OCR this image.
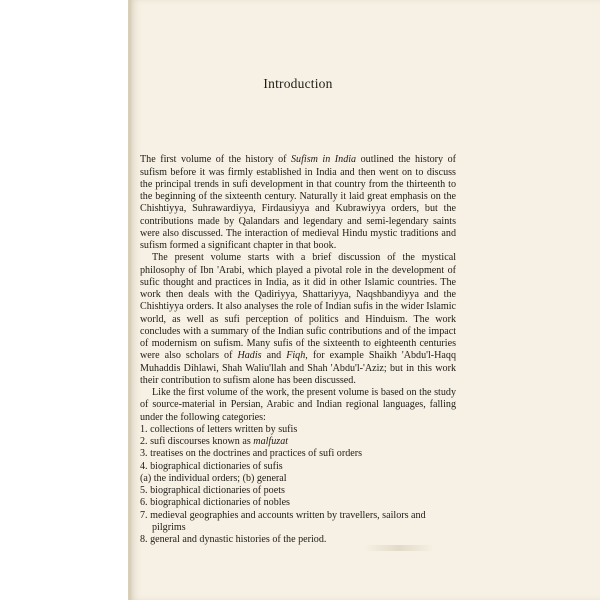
Introduction

The first volume of the history of Sufism in India outlined the history of sufism before it was firmly established in India and then went on to discuss the principal trends in sufi development in that country from the thirteenth to the beginning of the sixteenth century. Naturally it laid great emphasis on the Chishtiyya, Suhrawardiyya, Firdausiyya and Kubrawiyya orders, but the contributions made by Qalandars and legendary and semi-legendary saints were also discussed. The interaction of medieval Hindu mystic traditions and sufism formed a significant chapter in that book.

The present volume starts with a brief discussion of the mystical philosophy of Ibn 'Arabi, which played a pivotal role in the development of sufic thought and practices in India, as it did in other Islamic countries. The work then deals with the Qadiriyya, Shattariyya, Naqshbandiyya and the Chishtiyya orders. It also analyses the role of Indian sufis in the wider Islamic world, as well as sufi perception of politics and Hinduism. The work concludes with a summary of the Indian sufic contributions and of the impact of modernism on sufism. Many sufis of the sixteenth to eighteenth centuries were also scholars of Hadis and Fiqh, for example Shaikh 'Abdu'l-Haqq Muhaddis Dihlawi, Shah Waliu'llah and Shah 'Abdu'l-'Aziz; but in this work their contribution to sufism alone has been discussed.

Like the first volume of the work, the present volume is based on the study of source-material in Persian, Arabic and Indian regional languages, falling under the following categories:

1. collections of letters written by sufis
2. sufi discourses known as malfuzat
3. treatises on the doctrines and practices of sufi orders
4. biographical dictionaries of sufis
(a) the individual orders; (b) general
5. biographical dictionaries of poets
6. biographical dictionaries of nobles
7. medieval geographies and accounts written by travellers, sailors and pilgrims
8. general and dynastic histories of the period.
